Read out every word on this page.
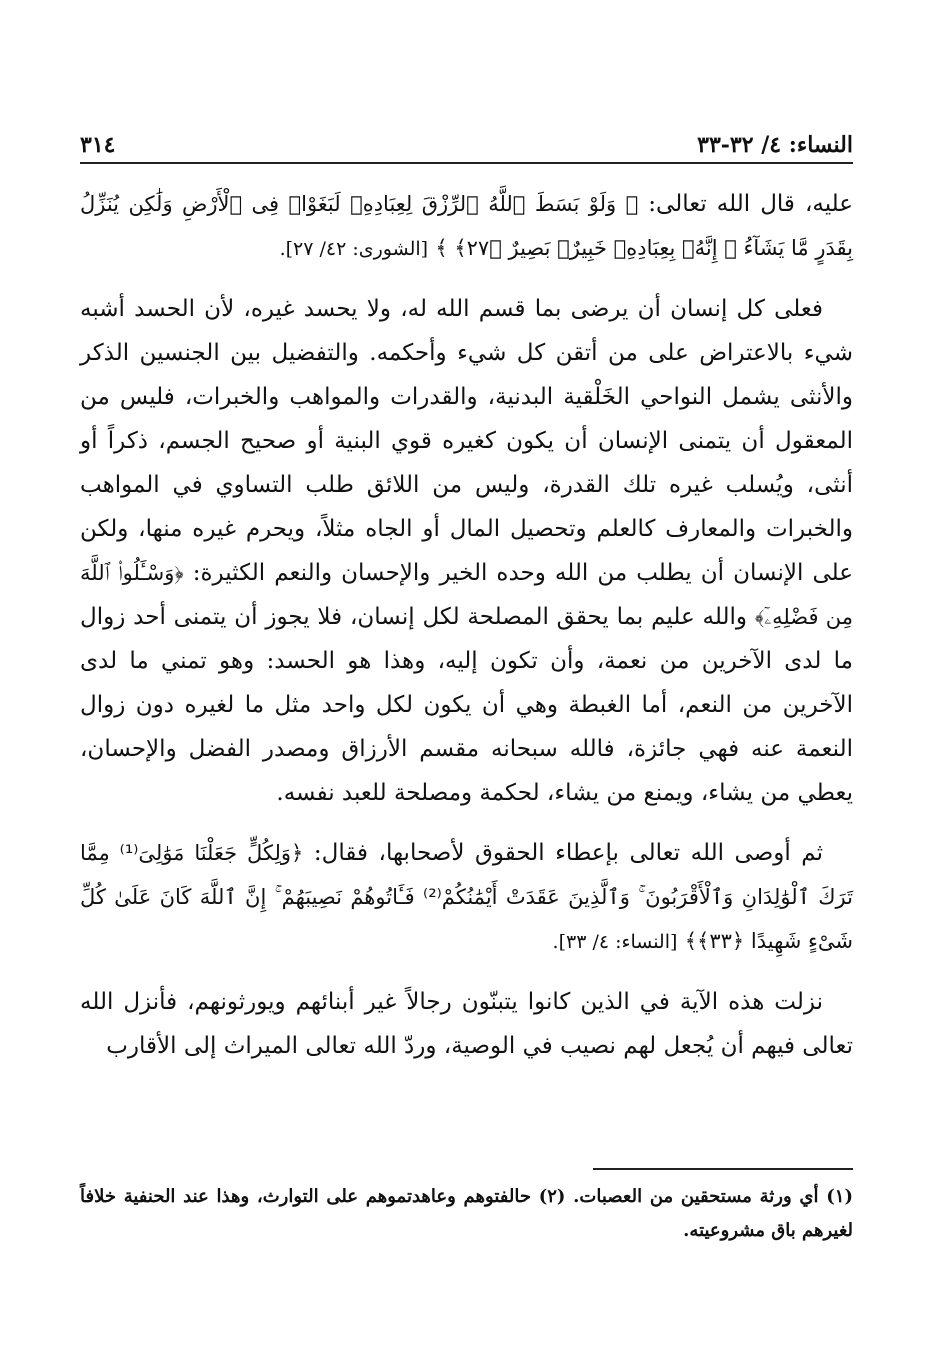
النساء: ٤/ ٣٢-٣٣
٣١٤

عليه، قال الله تعالى: ﴿ وَلَوْ بَسَطَ ٱللَّهُ ٱلرِّزْقَ لِعِبَادِهِۦ لَبَغَوْا۟ فِى ٱلْأَرْضِ وَلَٰكِن يُنَزِّلُ بِقَدَرٍ مَّا يَشَآءُ ۚ إِنَّهُۥ بِعِبَادِهِۦ خَبِيرٌۢ بَصِيرٌ ﴿٢٧﴾ ﴾ [الشورى: ٤٢/ ٢٧].

فعلى كل إنسان أن يرضى بما قسم الله له، ولا يحسد غيره، لأن الحسد أشبه شيء بالاعتراض على من أتقن كل شيء وأحكمه. والتفضيل بين الجنسين الذكر والأنثى يشمل النواحي الخَلْقية البدنية، والقدرات والمواهب والخبرات، فليس من المعقول أن يتمنى الإنسان أن يكون كغيره قوي البنية أو صحيح الجسم، ذكراً أو أنثى، ويُسلب غيره تلك القدرة، وليس من اللائق طلب التساوي في المواهب والخبرات والمعارف كالعلم وتحصيل المال أو الجاه مثلاً، ويحرم غيره منها، ولكن على الإنسان أن يطلب من الله وحده الخير والإحسان والنعم الكثيرة: ﴿وَسْـَٔلُوا۟ ٱللَّهَ مِن فَضْلِهِۦٓ﴾ والله عليم بما يحقق المصلحة لكل إنسان، فلا يجوز أن يتمنى أحد زوال ما لدى الآخرين من نعمة، وأن تكون إليه، وهذا هو الحسد: وهو تمني ما لدى الآخرين من النعم، أما الغبطة وهي أن يكون لكل واحد مثل ما لغيره دون زوال النعمة عنه فهي جائزة، فالله سبحانه مقسم الأرزاق ومصدر الفضل والإحسان، يعطي من يشاء، ويمنع من يشاء، لحكمة ومصلحة للعبد نفسه.

ثم أوصى الله تعالى بإعطاء الحقوق لأصحابها، فقال: ﴿وَلِكُلٍّ جَعَلْنَا مَوَٰلِىَ⁽¹⁾ مِمَّا تَرَكَ ٱلْوَٰلِدَانِ وَٱلْأَقْرَبُونَ ۚ وَٱلَّذِينَ عَقَدَتْ أَيْمَٰنُكُمْ⁽²⁾ فَـَٔاتُوهُمْ نَصِيبَهُمْ ۚ إِنَّ ٱللَّهَ كَانَ عَلَىٰ كُلِّ شَىْءٍ شَهِيدًا ﴿٣٣﴾﴾ [النساء: ٤/ ٣٣].

نزلت هذه الآية في الذين كانوا يتبنّون رجالاً غير أبنائهم ويورثونهم، فأنزل الله تعالى فيهم أن يُجعل لهم نصيب في الوصية، وردّ الله تعالى الميراث إلى الأقارب

(١) أي ورثة مستحقين من العصبات. (٢) حالفتوهم وعاهدتموهم على التوارث، وهذا عند الحنفية خلافاً لغيرهم باق مشروعيته.
